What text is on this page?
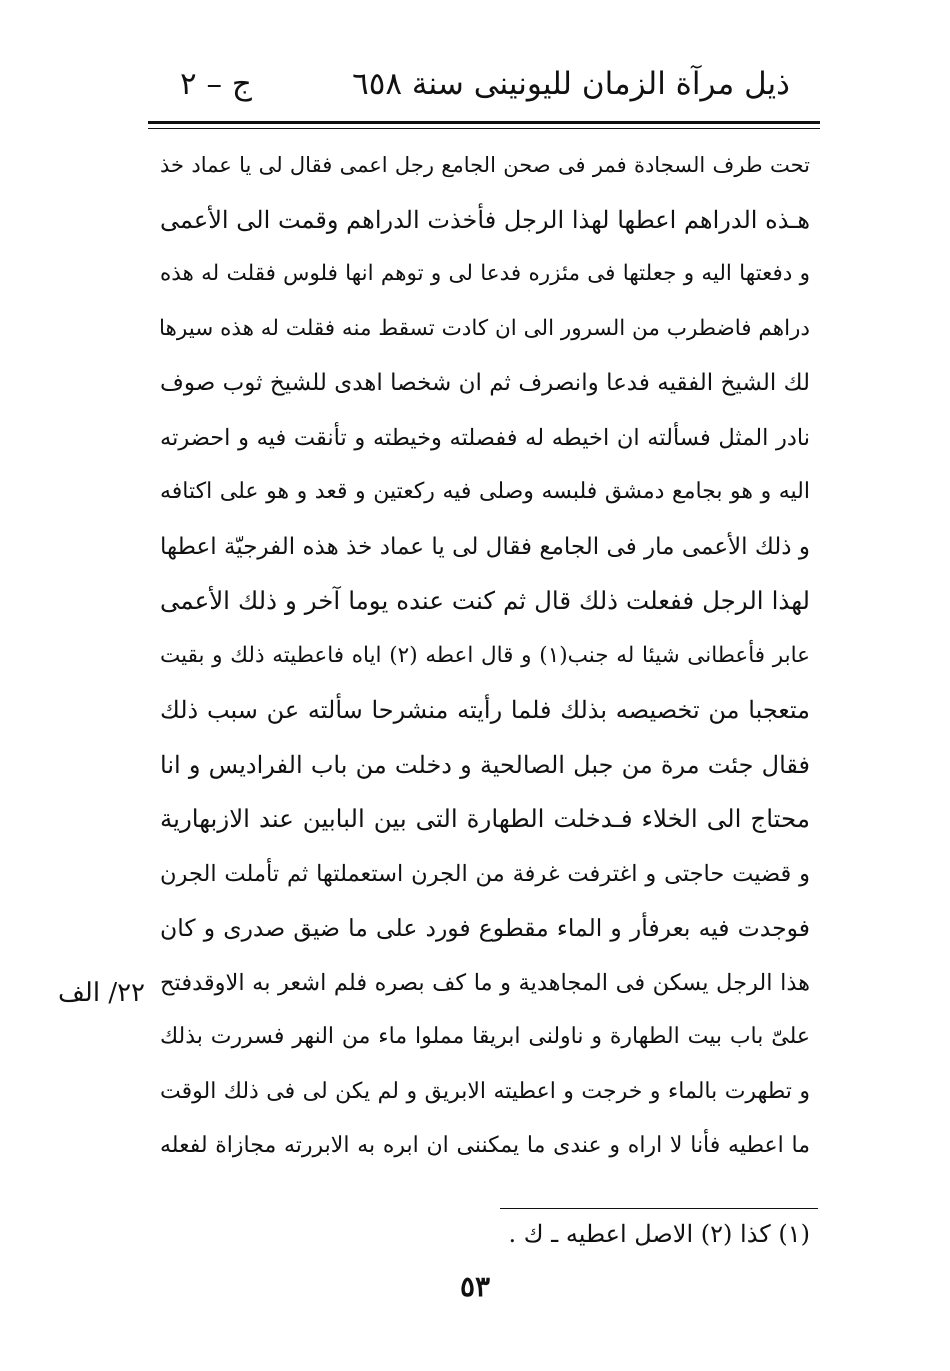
ذيل مرآة الزمان لليونينى سنة ٦٥٨
ج – ٢
تحت طرف السجادة فمر فى صحن الجامع رجل اعمى فقال لى يا عماد خذ
هـذه الدراهم اعطها لهذا الرجل فأخذت الدراهم وقمت الى الأعمى
و دفعتها اليه و جعلتها فى مئزره فدعا لى و توهم انها فلوس فقلت له هذه
دراهم فاضطرب من السرور الى ان كادت تسقط منه فقلت له هذه سيرها
لك الشيخ الفقيه فدعا وانصرف ثم ان شخصا اهدى للشيخ ثوب صوف
نادر المثل فسألته ان اخيطه له ففصلته وخيطته و تأنقت فيه و احضرته
اليه و هو بجامع دمشق فلبسه وصلى فيه ركعتين و قعد و هو على اكتافه
و ذلك الأعمى مار فى الجامع فقال لى يا عماد خذ هذه الفرجيّة اعطها
لهذا الرجل ففعلت ذلك قال ثم كنت عنده يوما آخر و ذلك الأعمى
عابر فأعطانى شيئا له جنب(١) و قال اعطه (٢) اياه فاعطيته ذلك و بقيت
متعجبا من تخصيصه بذلك فلما رأيته منشرحا سألته عن سبب ذلك
فقال جئت مرة من جبل الصالحية و دخلت من باب الفراديس و انا
محتاج الى الخلاء فـدخلت الطهارة التى بين البابين عند الازبهارية
و قضيت حاجتى و اغترفت غرفة من الجرن استعملتها ثم تأملت الجرن
فوجدت فيه بعرفأر و الماء مقطوع فورد على ما ضيق صدرى و كان
هذا الرجل يسكن فى المجاهدية و ما كف بصره فلم اشعر به الاوقدفتح
علىّ باب بيت الطهارة و ناولنى ابريقا مملوا ماء من النهر فسررت بذلك
و تطهرت بالماء و خرجت و اعطيته الابريق و لم يكن لى فى ذلك الوقت
ما اعطيه فأنا لا اراه و عندى ما يمكننى ان ابره به الابررته مجازاة لفعله
٢٢/ الف
(١) كذا (٢) الاصل اعطيه ـ ك .
٥٣
